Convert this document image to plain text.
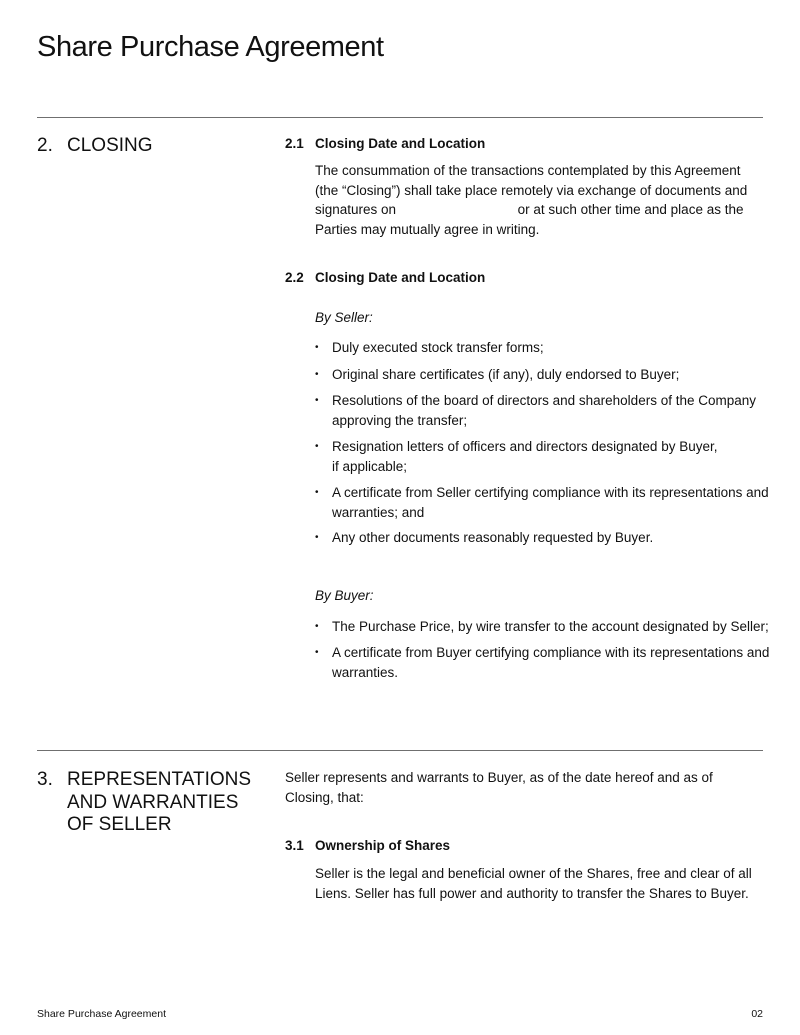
Share Purchase Agreement
2. CLOSING	2.1 Closing Date and Location
The consummation of the transactions contemplated by this Agreement (the “Closing”) shall take place remotely via exchange of documents and signatures on	or at such other time and place as the Parties may mutually agree in writing.
2.2 Closing Date and Location
By Seller:
• Duly executed stock transfer forms;
• Original share certificates (if any), duly endorsed to Buyer;
• Resolutions of the board of directors and shareholders of the Company approving the transfer;
• Resignation letters of officers and directors designated by Buyer, if applicable;
• A certificate from Seller certifying compliance with its representations and warranties; and
• Any other documents reasonably requested by Buyer.
By Buyer:
• The Purchase Price, by wire transfer to the account designated by Seller;
• A certificate from Buyer certifying compliance with its representations and warranties.
3. REPRESENTATIONS AND WARRANTIES OF SELLER
Seller represents and warrants to Buyer, as of the date hereof and as of Closing, that:
3.1 Ownership of Shares
Seller is the legal and beneficial owner of the Shares, free and clear of all Liens. Seller has full power and authority to transfer the Shares to Buyer.
Share Purchase Agreement	02
